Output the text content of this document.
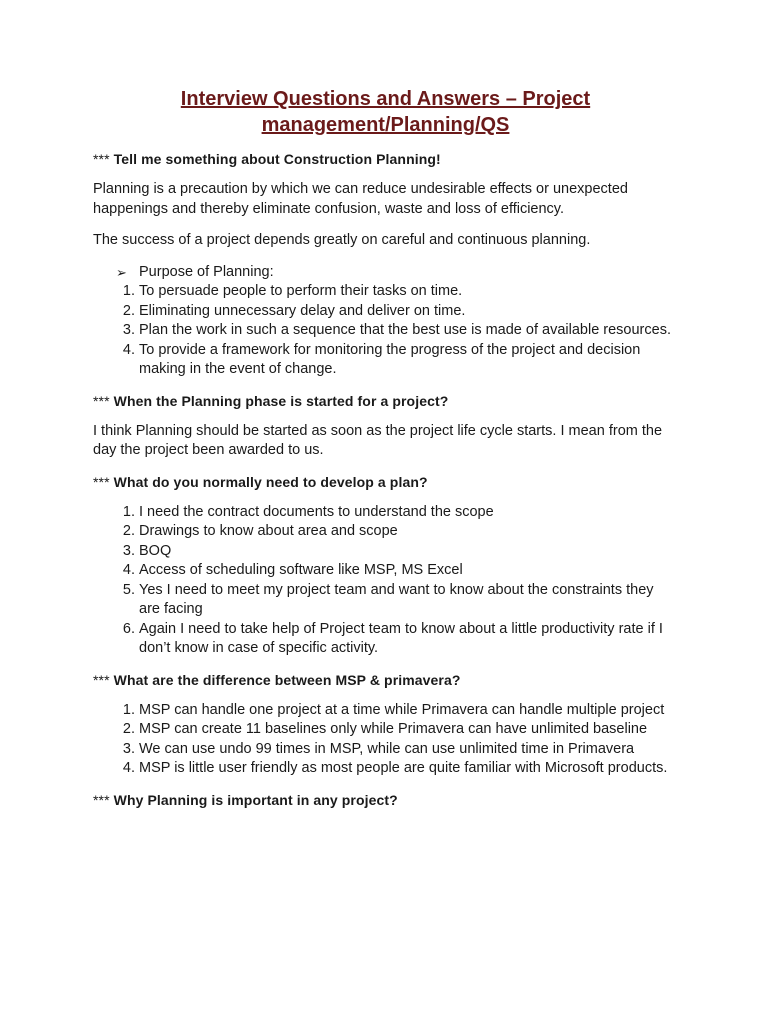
Interview Questions and Answers – Project
management/Planning/QS
*** Tell me something about Construction Planning!

Planning is a precaution by which we can reduce undesirable effects or unexpected happenings and thereby eliminate confusion, waste and loss of efficiency.

The success of a project depends greatly on careful and continuous planning.

➢ Purpose of Planning:
1. To persuade people to perform their tasks on time.
2. Eliminating unnecessary delay and deliver on time.
3. Plan the work in such a sequence that the best use is made of available resources.
4. To provide a framework for monitoring the progress of the project and decision making in the event of change.
*** When the Planning phase is started for a project?

I think Planning should be started as soon as the project life cycle starts. I mean from the day the project been awarded to us.

*** What do you normally need to develop a plan?
1. I need the contract documents to understand the scope
2. Drawings to know about area and scope
3. BOQ
4. Access of scheduling software like MSP, MS Excel
5. Yes I need to meet my project team and want to know about the constraints they are facing
6. Again I need to take help of Project team to know about a little productivity rate if I don’t know in case of specific activity.
*** What are the difference between MSP & primavera?
1. MSP can handle one project at a time while Primavera can handle multiple project
2. MSP can create 11 baselines only while Primavera can have unlimited baseline
3. We can use undo 99 times in MSP, while can use unlimited time in Primavera
4. MSP is little user friendly as most people are quite familiar with Microsoft products.
*** Why Planning is important in any project?
